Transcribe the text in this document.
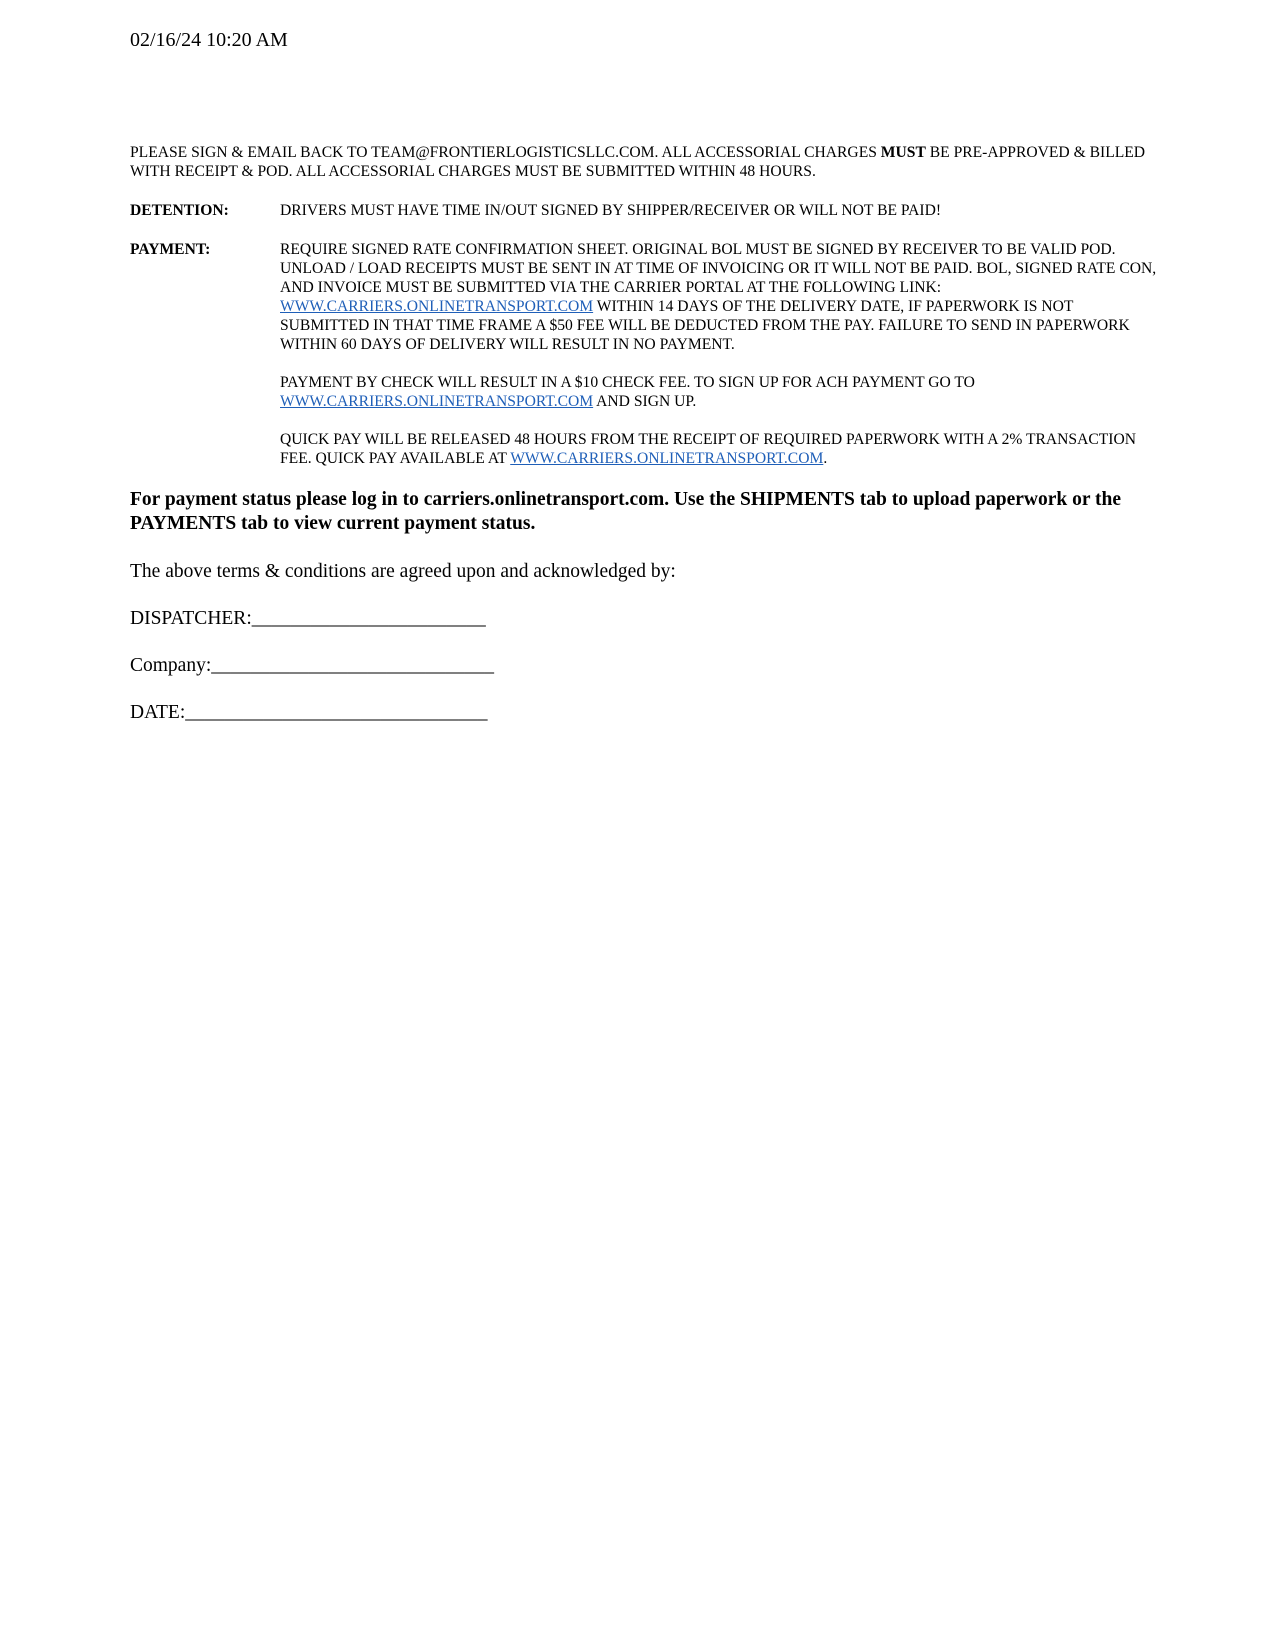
02/16/24 10:20 AM
PLEASE SIGN & EMAIL BACK TO TEAM@FRONTIERLOGISTICSLLC.COM. ALL ACCESSORIAL CHARGES MUST BE PRE-APPROVED & BILLED WITH RECEIPT & POD. ALL ACCESSORIAL CHARGES MUST BE SUBMITTED WITHIN 48 HOURS.
DETENTION:	DRIVERS MUST HAVE TIME IN/OUT SIGNED BY SHIPPER/RECEIVER OR WILL NOT BE PAID!

PAYMENT:	REQUIRE SIGNED RATE CONFIRMATION SHEET. ORIGINAL BOL MUST BE SIGNED BY RECEIVER TO BE VALID POD. UNLOAD / LOAD RECEIPTS MUST BE SENT IN AT TIME OF INVOICING OR IT WILL NOT BE PAID. BOL, SIGNED RATE CON, AND INVOICE MUST BE SUBMITTED VIA THE CARRIER PORTAL AT THE FOLLOWING LINK: WWW.CARRIERS.ONLINETRANSPORT.COM WITHIN 14 DAYS OF THE DELIVERY DATE, IF PAPERWORK IS NOT SUBMITTED IN THAT TIME FRAME A $50 FEE WILL BE DEDUCTED FROM THE PAY. FAILURE TO SEND IN PAPERWORK WITHIN 60 DAYS OF DELIVERY WILL RESULT IN NO PAYMENT.

PAYMENT BY CHECK WILL RESULT IN A $10 CHECK FEE. TO SIGN UP FOR ACH PAYMENT GO TO WWW.CARRIERS.ONLINETRANSPORT.COM AND SIGN UP.

QUICK PAY WILL BE RELEASED 48 HOURS FROM THE RECEIPT OF REQUIRED PAPERWORK WITH A 2% TRANSACTION FEE. QUICK PAY AVAILABLE AT WWW.CARRIERS.ONLINETRANSPORT.COM.

For payment status please log in to carriers.onlinetransport.com. Use the SHIPMENTS tab to upload paperwork or the PAYMENTS tab to view current payment status.
The above terms & conditions are agreed upon and acknowledged by:
DISPATCHER:________________________
Company:_____________________________
DATE:_______________________________
